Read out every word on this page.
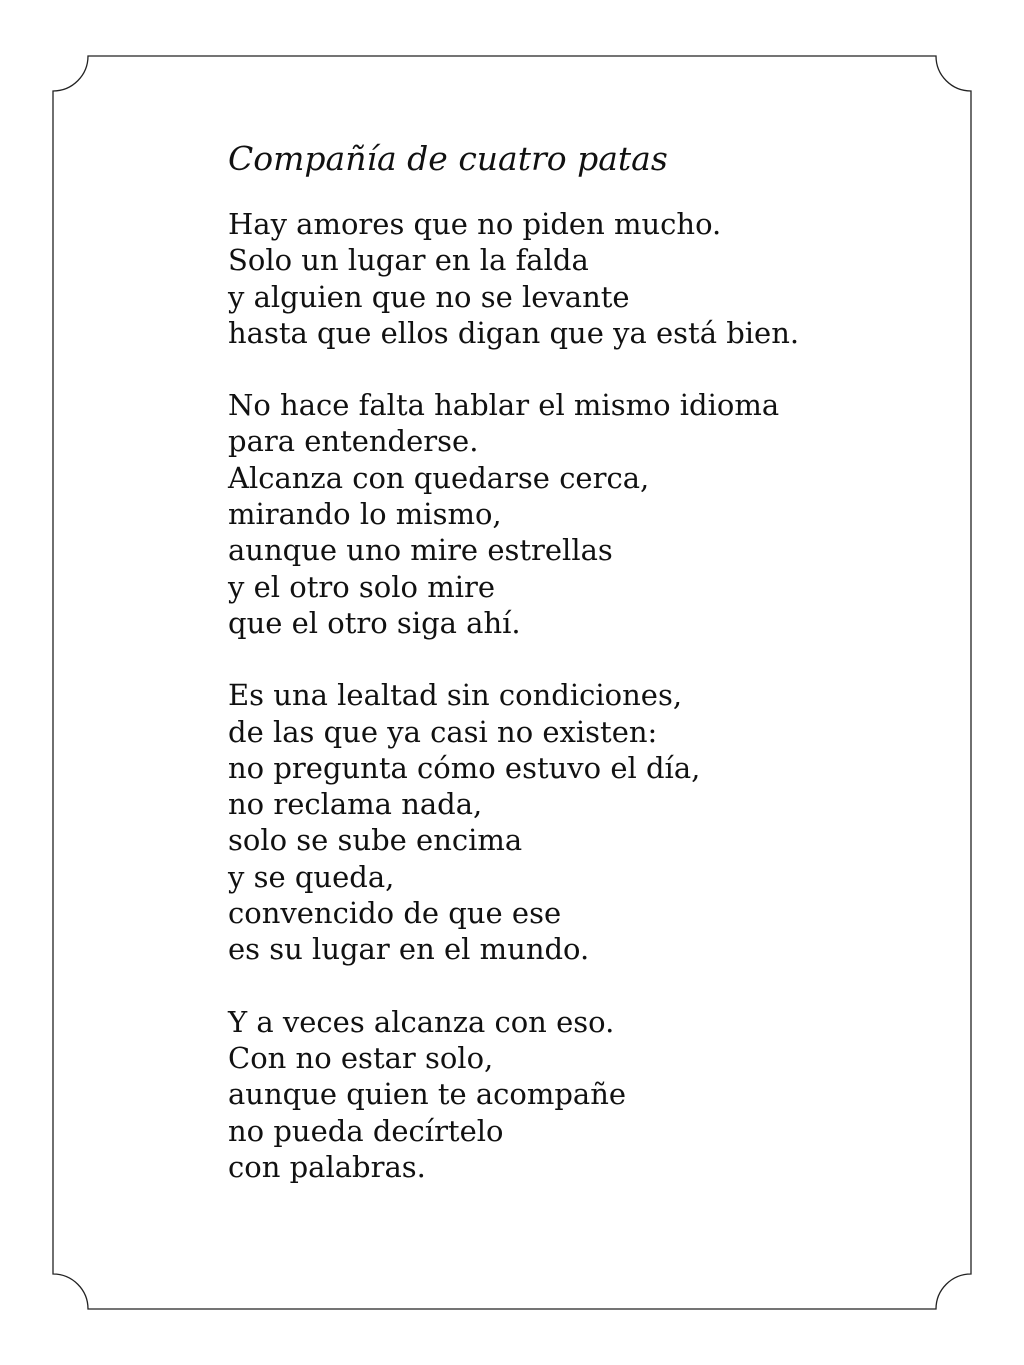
Compañía de cuatro patas
Hay amores que no piden mucho.
Solo un lugar en la falda
y alguien que no se levante
hasta que ellos digan que ya está bien.
No hace falta hablar el mismo idioma
para entenderse.
Alcanza con quedarse cerca,
mirando lo mismo,
aunque uno mire estrellas
y el otro solo mire
que el otro siga ahí.
Es una lealtad sin condiciones,
de las que ya casi no existen:
no pregunta cómo estuvo el día,
no reclama nada,
solo se sube encima
y se queda,
convencido de que ese
es su lugar en el mundo.
Y a veces alcanza con eso.
Con no estar solo,
aunque quien te acompañe
no pueda decírtelo
con palabras.
